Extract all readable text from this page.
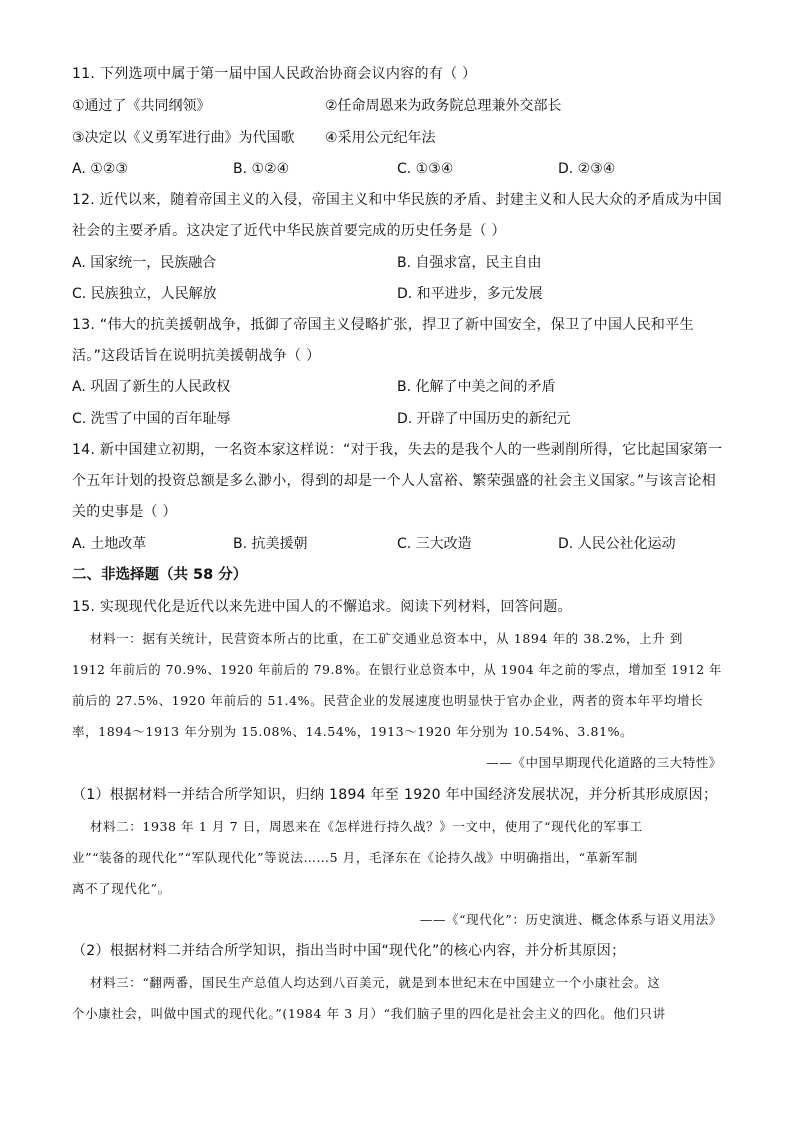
11. 下列选项中属于第一届中国人民政治协商会议内容的有（ ）
①通过了《共同纲领》	②任命周恩来为政务院总理兼外交部长
③决定以《义勇军进行曲》为代国歌 ④采用公元纪年法
A. ①②③	B. ①②④	C. ①③④	D. ②③④
12. 近代以来，随着帝国主义的入侵，帝国主义和中华民族的矛盾、封建主义和人民大众的矛盾成为中国
社会的主要矛盾。这决定了近代中华民族首要完成的历史任务是（ ）
A. 国家统一，民族融合	B. 自强求富，民主自由
C. 民族独立，人民解放	D. 和平进步，多元发展
13. “伟大的抗美援朝战争，抵御了帝国主义侵略扩张，捍卫了新中国安全，保卫了中国人民和平生
活。”这段话旨在说明抗美援朝战争（ ）
A. 巩固了新生的人民政权	B. 化解了中美之间的矛盾
C. 洗雪了中国的百年耻辱	D. 开辟了中国历史的新纪元
14. 新中国建立初期，一名资本家这样说：“对于我，失去的是我个人的一些剥削所得，它比起国家第一
个五年计划的投资总额是多么渺小，得到的却是一个人人富裕、繁荣强盛的社会主义国家。”与该言论相
关的史事是（ ）
A. 土地改革	B. 抗美援朝	C. 三大改造	D. 人民公社化运动
二、非选择题（共 58 分）
15. 实现现代化是近代以来先进中国人的不懈追求。阅读下列材料，回答问题。
材料一：据有关统计，民营资本所占的比重，在工矿交通业总资本中，从 1894 年的 38.2%，上升 到
1912 年前后的 70.9%、1920 年前后的 79.8%。在银行业总资本中，从 1904 年之前的零点，增加至 1912 年
前后的 27.5%、1920 年前后的 51.4%。民营企业的发展速度也明显快于官办企业，两者的资本年平均增长
率，1894～1913 年分别为 15.08%、14.54%，1913～1920 年分别为 10.54%、3.81%。
——《中国早期现代化道路的三大特性》
（1）根据材料一并结合所学知识，归纳 1894 年至 1920 年中国经济发展状况，并分析其形成原因；
材料二：1938 年 1 月 7 日，周恩来在《怎样进行持久战？》一文中，使用了“现代化的军事工
业”“装备的现代化”“军队现代化”等说法……5 月，毛泽东在《论持久战》中明确指出，“革新军制
离不了现代化”。
——《“现代化”：历史演进、概念体系与语义用法》
（2）根据材料二并结合所学知识，指出当时中国“现代化”的核心内容，并分析其原因；
材料三：“翻两番，国民生产总值人均达到八百美元，就是到本世纪末在中国建立一个小康社会。这
个小康社会，叫做中国式的现代化。”(1984 年 3 月）“我们脑子里的四化是社会主义的四化。他们只讲
